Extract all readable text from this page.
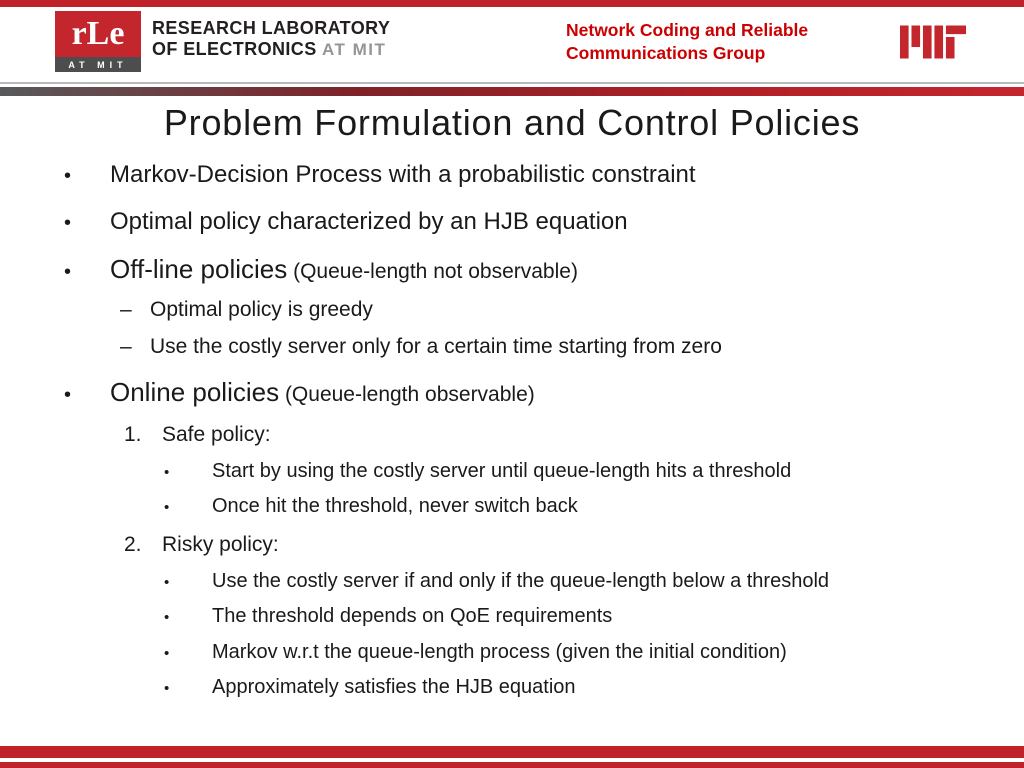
rLe
AT MIT
RESEARCH LABORATORY
OF ELECTRONICS AT MIT
Network Coding and Reliable
Communications Group
Problem Formulation and Control Policies
•	Markov-Decision Process with a probabilistic constraint
•	Optimal policy characterized by an HJB equation
•	Off-line policies (Queue-length not observable)
– Optimal policy is greedy
– Use the costly server only for a certain time starting from zero
•	Online policies (Queue-length observable)
1. Safe policy:
•	Start by using the costly server until queue-length hits a threshold
•	Once hit the threshold, never switch back
2. Risky policy:
•	Use the costly server if and only if the queue-length below a threshold
•	The threshold depends on QoE requirements
•	Markov w.r.t the queue-length process (given the initial condition)
•	Approximately satisfies the HJB equation
